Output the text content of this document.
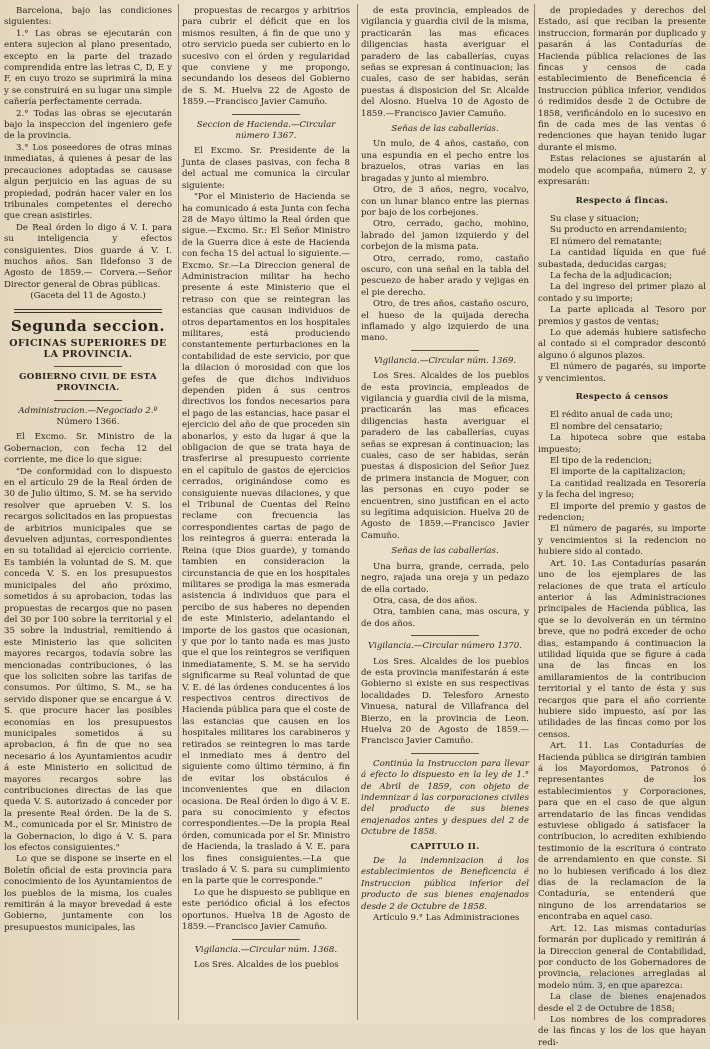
Barcelona, bajo las condiciones siguientes:

1.° Las obras se ejecutarán con entera sujecion al plano presentado, excepto en la parte del trazado comprendida entre las letras C, D, E y F, en cuyo trozo se suprimirá la mina y se construirá en su lugar una simple cañería perfectamente cerrada.

2.° Todas las obras se ejecutarán bajo la inspeccion del ingeniero gefe de la provincia.

3.° Los poseedores de otras minas inmediatas, á quienes á pesar de las precauciones adoptadas se causase algun perjuicio en las aguas de su propiedad, podrán hacer valer en los tribunales competentes el derecho que crean asistirles.

De Real órden lo digo á V. I. para su inteligencia y efectos consiguientes. Dios guarde á V. I. muchos años. San Ildefonso 3 de Agosto de 1859.— Corvera.—Señor Director general de Obras públicas.

(Gaceta del 11 de Agosto.)

Segunda seccion.
OFICINAS SUPERIORES DE LA PROVINCIA.
GOBIERNO CIVIL DE ESTA PROVINCIA.

Administracion.—Negociado 2.º

Número 1366.

El Excmo. Sr. Ministro de la Gobernacion, con fecha 12 del corriente, me dice lo que sigue:

"De conformidad con lo dispuesto en el artículo 29 de la Real órden de 30 de Julio último, S. M. se ha servido resolver que aprueben V. S. los recargos solicitados en las propuestas de arbitrios municipales que se devuelven adjuntas, correspondientes en su totalidad al ejercicio corriente. Es también la voluntad de S. M. que conceda V. S. en los presupuestos municipales del año próximo, sometidos á su aprobacion, todas las propuestas de recargos que no pasen del 30 por 100 sobre la territorial y el 35 sobre la industrial, remitiendo á este Ministerio las que soliciten mayores recargos, todavía sobre las mencionadas contribuciones, ó las que los soliciten sobre las tarifas de consumos. Por último, S. M., se ha servido disponer que se encargue á V. S. que procure hacer las posibles economías en los presupuestos municipales sometidos á su aprobacion, á fin de que no sea necesario á los Ayuntamientos acudir á este Ministerio en solicitud de mayores recargos sobre las contribuciones directas de las que queda V. S. autorizado á conceder por la presente Real órden. De la de S. M., comunicada por el Sr. Ministro de la Gobernacion, lo digo á V. S. para los efectos consiguientes."

Lo que se dispone se inserte en el Boletín oficial de esta provincia para conocimiento de los Ayuntamientos de los pueblos de la misma, los cuales remitirán á la mayor brevedad á este Gobierno, juntamente con los presupuestos municipales, las

propuestas de recargos y arbitrios para cubrir el déficit que en los mismos resulten, á fin de que uno y otro servicio pueda ser cubierto en lo sucesivo con el órden y regularidad que conviene y me propongo, secundando los deseos del Gobierno de S. M. Huelva 22 de Agosto de 1859.—Francisco Javier Camuño.

Seccion de Hacienda.—Circular número 1367.

El Excmo. Sr. Presidente de la Junta de clases pasivas, con fecha 8 del actual me comunica la circular siguiente:

"Por el Ministerio de Hacienda se ha comunicado á esta Junta con fecha 28 de Mayo último la Real órden que sigue.—Excmo. Sr.: El Señor Ministro de la Guerra dice á este de Hacienda con fecha 15 del actual lo siguiente.—Excmo. Sr.—La Direccion general de Administracion militar ha hecho presente á este Ministerio que el retraso con que se reintegran las estancias que causan individuos de otros departamentos en los hospitales militares, está produciendo constantemente perturbaciones en la contabilidad de este servicio, por que la dilacion ó morosidad con que los gefes de que dichos individuos dependen piden á sus centros directivos los fondos necesarios para el pago de las estancias, hace pasar el ejercicio del año de que proceden sin abonarlos, y esto da lugar á que la obligacion de que se trata haya de trasferirse al presupuesto corriente en el capítulo de gastos de ejercicios cerrados, originándose como es consiguiente nuevas dilaciones, y que el Tribunal de Cuentas del Reino reclame con frecuencia las correspondientes cartas de pago de los reintegros á guerra: enterada la Reina (que Dios guarde), y tomando tambien en consideracion la circunstancia de que en los hospitales militares se prodiga la mas esmerada asistencia á individuos que para el percibo de sus haberes no dependen de este Ministerio, adelantando el importe de los gastos que ocasionan, y que por lo tanto nada es mas justo que el que los reintegros se verifiquen inmediatamente, S. M. se ha servido significarme su Real voluntad de que V. E. dé las órdenes conducentes á los respectivos centros directivos de Hacienda pública para que el coste de las estancias que causen en los hospitales militares los carabineros y retirados se reintegren lo mas tarde el inmediato mes á dentro del siguiente como último término, á fin de evitar los obstáculos é inconvenientes que en dilacion ocasiona. De Real órden lo digo á V. E. para su conocimiento y efectos correspondientes.—De la propia Real órden, comunicada por el Sr. Ministro de Hacienda, la traslado á V. E. para los fines consiguientes.—La que traslado á V. S. para su cumplimiento en la parte que le corresponde."

Lo que he dispuesto se publique en este periódico oficial á los efectos oportunos. Huelva 18 de Agosto de 1859.—Francisco Javier Camuño.

Vigilancia.—Circular núm. 1368.

Los Sres. Alcaldes de los pueblos

de esta provincia, empleados de vigilancia y guardia civil de la misma, practicarán las mas eficaces diligencias hasta averiguar el paradero de las caballerías, cuyas señas se expresan á continuacion; las cuales, caso de ser habidas, serán puestas á disposicion del Sr. Alcalde del Alosno. Huelva 10 de Agosto de 1859.—Francisco Javier Camuño.

Señas de las caballerías.

Un mulo, de 4 años, castaño, con una espundia en el pecho entre los brazuelos, otras varias en las bragadas y junto al miembro.

Otro, de 3 años, negro, vocalvo, con un lunar blanco entre las piernas por bajo de los corbejones.

Otro, cerrado, gacho, mohino, labrado del jamon izquierdo y del corbejon de la misma pata.

Otro, cerrado, romo, castaño oscuro, con una señal en la tabla del pescuezo de haber arado y vejigas en el pie derecho.

Otro, de tres años, castaño oscuro, el hueso de la quijada derecha inflamado y algo izquierdo de una mano.

Vigilancia.—Circular núm. 1369.

Los Sres. Alcaldes de los pueblos de esta provincia, empleados de vigilancia y guardia civil de la misma, practicarán las mas eficaces diligencias hasta averiguar el paradero de las caballerías, cuyas señas se expresan á continuacion; las cuales, caso de ser habidas, serán puestas á disposicion del Señor Juez de primera instancia de Moguer, con las personas en cuyo poder se encuentren, sino justifican en el acto su legítima adquisicion. Huelva 20 de Agosto de 1859.—Francisco Javier Camuño.

Señas de las caballerías.

Una burra, grande, cerrada, pelo negro, rajada una oreja y un pedazo de ella cortado.

Otra, casa, de dos años.

Otra, tambien cana, mas oscura, y de dos años.

Vigilancia.—Circular número 1370.

Los Sres. Alcaldes de los pueblos de esta provincia manifestarán á este Gobierno si existe en sus respectivas localidades D. Telesforo Arnesto Vinuesa, natural de Villafranca del Bierzo, en la provincia de Leon. Huelva 20 de Agosto de 1859.—Francisco Javier Camuño.

Continúa la Instruccion para llevar á efecto lo dispuesto en la ley de 1.° de Abril de 1859, con objeto de indemnizar á las corporaciones civiles del producto de sus bienes enajenados antes y despues del 2 de Octubre de 1858.

CAPITULO II.

De la indemnizacion á los establecimientos de Beneficencia é Instruccion pública inferior del producto de sus bienes enajenados desde 2 de Octubre de 1858.

Artículo 9.° Las Administraciones

de propiedades y derechos del Estado, así que reciban la presente instruccion, formarán por duplicado y pasarán á las Contadurías de Hacienda pública relaciones de las fincas y censos de cada establecimiento de Beneficencia é Instruccion pública inferior, vendidos ó redimidos desde 2 de Octubre de 1858, verificándolo en lo sucesivo en fin de cada mes de las ventas ó redenciones que hayan tenido lugar durante el mismo.

Estas relaciones se ajustarán al modelo que acompaña, número 2, y expresarán:

Respecto á fincas.

Su clase y situacion;

Su producto en arrendamiento;

El número del rematante;

La cantidad líquida en que fué subastada, deducidas cargas;

La fecha de la adjudicacion;

La del ingreso del primer plazo al contado y su importe;

La parte aplicada al Tesoro por premios y gastos de ventas;

Lo que además hubiere satisfecho al contado si el comprador descontó alguno ó algunos plazos.

El número de pagarés, su importe y vencimientos.

Respecto á censos

El rédito anual de cada uno;

El nombre del censatario;

La hipoteca sobre que estaba impuesto;

El tipo de la redencion;

El importe de la capitalizacion;

La cantidad realizada en Tesorería y la fecha del ingreso;

El importe del premio y gastos de redencion;

El número de pagarés, su importe y vencimientos si la redencion no hubiere sido al contado.

Art. 10. Las Contadurías pasarán uno de los ejemplares de las relaciones de que trata el artículo anterior á las Administraciones principales de Hacienda pública, las que se lo devolverán en un término breve, que no podrá exceder de ocho dias, estampando á continuacion la utilidad líquida que se figure á cada una de las fincas en los amillaramientos de la contribucion territorial y el tanto de ésta y sus recargos que para el año corriente hubiere sido impuesto, así por las utilidades de las fincas como por los censos.

Art. 11. Las Contadurías de Hacienda pública se dirigirán tambien á los Mayordomos, Patronos ó representantes de los establecimientos y Corporaciones, para que en el caso de que algun arrendatario de las fincas vendidas estuviese obligado á satisfacer la contribucion, lo acrediten exhibiendo testimonio de la escritura ó contrato de arrendamiento en que conste. Si no lo hubiesen verificado á los diez dias de la reclamacion de la Contaduría, se entenderá que ninguno de los arrendatarios se encontraba en aquel caso.

Art. 12. Las mismas contadurías formarán por duplicado y remitirán á la Direccion general de Contabilidad, por conducto de los Gobernadores de provincia, relaciones arregladas al modelo núm. 3, en que aparezca:

La clase de bienes enajenados desde el 2 de Octubre de 1858;

Los nombres de los compradores de las fincas y los de los que hayan redi-
